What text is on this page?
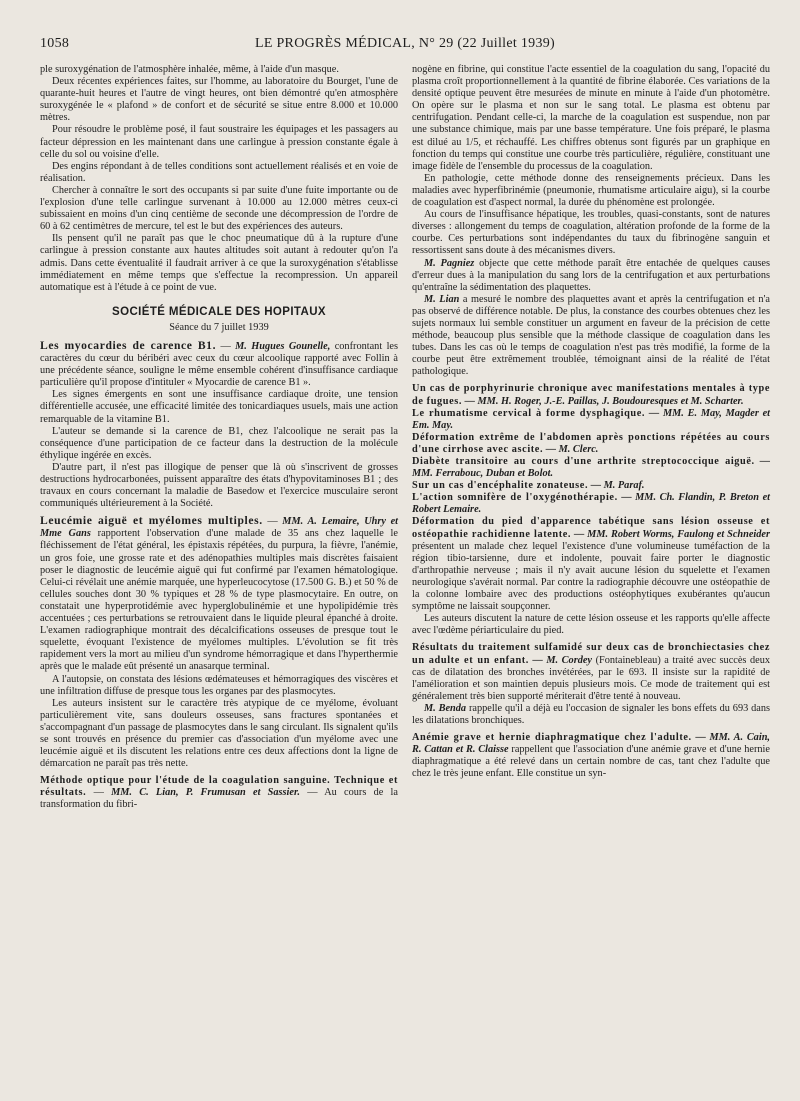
1058	LE PROGRÈS MÉDICAL, N° 29 (22 Juillet 1939)

ple suroxygénation de l'atmosphère inhalée, même, à l'aide d'un masque.

Deux récentes expériences faites, sur l'homme, au laboratoire du Bourget, l'une de quarante-huit heures et l'autre de vingt heures, ont bien démontré qu'en atmosphère suroxygénée le « plafond » de confort et de sécurité se situe entre 8.000 et 10.000 mètres.

Pour résoudre le problème posé, il faut soustraire les équipages et les passagers au facteur dépression en les maintenant dans une carlingue à pression constante égale à celle du sol ou voisine d'elle.

Des engins répondant à de telles conditions sont actuellement réalisés et en voie de réalisation.

Chercher à connaître le sort des occupants si par suite d'une fuite importante ou de l'explosion d'une telle carlingue survenant à 10.000 au 12.000 mètres ceux-ci subissaient en moins d'un cinq centième de seconde une décompression de l'ordre de 60 à 62 centimètres de mercure, tel est le but des expériences des auteurs.

Ils pensent qu'il ne paraît pas que le choc pneumatique dû à la rupture d'une carlingue à pression constante aux hautes altitudes soit autant à redouter qu'on l'a admis. Dans cette éventualité il faudrait arriver à ce que la suroxygénation s'établisse immédiatement en même temps que s'effectue la recompression. Un appareil automatique est à l'étude à ce point de vue.

SOCIÉTÉ MÉDICALE DES HOPITAUX
Séance du 7 juillet 1939

Les myocardies de carence B1. — M. Hugues Gounelle, confrontant les caractères du cœur du béribéri avec ceux du cœur alcoolique rapporté avec Follin à une précédente séance, souligne le même ensemble cohérent d'insuffisance cardiaque particulière qu'il propose d'intituler « Myocardie de carence B1 ».

Les signes émergents en sont une insuffisance cardiaque droite, une tension différentielle accusée, une efficacité limitée des tonicardiaques usuels, mais une action remarquable de la vitamine B1.

L'auteur se demande si la carence de B1, chez l'alcoolique ne serait pas la conséquence d'une participation de ce facteur dans la destruction de la molécule éthylique ingérée en excès.

D'autre part, il n'est pas illogique de penser que là où s'inscrivent de grosses destructions hydrocarbonées, puissent apparaître des états d'hypovitaminoses B1 ; des travaux en cours concernant la maladie de Basedow et l'exercice musculaire seront communiqués ultérieurement à la Société.

Leucémie aiguë et myélomes multiples. — MM. A. Lemaire, Uhry et Mme Gans rapportent l'observation d'une malade de 35 ans chez laquelle le fléchissement de l'état général, les épistaxis répétées, du purpura, la fièvre, l'anémie, un gros foie, une grosse rate et des adénopathies multiples mais discrètes faisaient poser le diagnostic de leucémie aiguë qui fut confirmé par l'examen hématologique. Celui-ci révélait une anémie marquée, une hyperleucocytose (17.500 G. B.) et 50 % de cellules souches dont 30 % typiques et 28 % de type plasmocytaire. En outre, on constatait une hyperprotidémie avec hyperglobulinémie et une hypolipidémie très accentuées ; ces perturbations se retrouvaient dans le liquide pleural épanché à droite. L'examen radiographique montrait des décalcifications osseuses de presque tout le squelette, évoquant l'existence de myélomes multiples. L'évolution se fit très rapidement vers la mort au milieu d'un syndrome hémorragique et dans l'hyperthermie après que le malade eût présenté un anasarque terminal.

A l'autopsie, on constata des lésions œdémateuses et hémorragiques des viscères et une infiltration diffuse de presque tous les organes par des plasmocytes.

Les auteurs insistent sur le caractère très atypique de ce myélome, évoluant particulièrement vite, sans douleurs osseuses, sans fractures spontanées et s'accompagnant d'un passage de plasmocytes dans le sang circulant. Ils signalent qu'ils se sont trouvés en présence du premier cas d'association d'un myélome avec une leucémie aiguë et ils discutent les relations entre ces deux affections dont la ligne de démarcation ne paraît pas très nette.

Méthode optique pour l'étude de la coagulation sanguine. Technique et résultats. — MM. C. Lian, P. Frumusan et Sassier. — Au cours de la transformation du fibri-

nogène en fibrine, qui constitue l'acte essentiel de la coagulation du sang, l'opacité du plasma croît proportionnellement à la quantité de fibrine élaborée. Ces variations de la densité optique peuvent être mesurées de minute en minute à l'aide d'un photomètre. On opère sur le plasma et non sur le sang total. Le plasma est obtenu par centrifugation. Pendant celle-ci, la marche de la coagulation est suspendue, non par une substance chimique, mais par une basse température. Une fois préparé, le plasma est dilué au 1/5, et réchauffé. Les chiffres obtenus sont figurés par un graphique en fonction du temps qui constitue une courbe très particulière, régulière, constituant une image fidèle de l'ensemble du processus de la coagulation.

En pathologie, cette méthode donne des renseignements précieux. Dans les maladies avec hyperfibrinémie (pneumonie, rhumatisme articulaire aigu), si la courbe de coagulation est d'aspect normal, la durée du phénomène est prolongée.

Au cours de l'insuffisance hépatique, les troubles, quasi-constants, sont de natures diverses : allongement du temps de coagulation, altération profonde de la forme de la courbe. Ces perturbations sont indépendantes du taux du fibrinogène sanguin et ressortissent sans doute à des mécanismes divers.

M. Pagniez objecte que cette méthode paraît être entachée de quelques causes d'erreur dues à la manipulation du sang lors de la centrifugation et aux perturbations qu'entraîne la sédimentation des plaquettes.

M. Lian a mesuré le nombre des plaquettes avant et après la centrifugation et n'a pas observé de différence notable. De plus, la constance des courbes obtenues chez les sujets normaux lui semble constituer un argument en faveur de la précision de cette méthode, beaucoup plus sensible que la méthode classique de coagulation dans les tubes. Dans les cas où le temps de coagulation n'est pas très modifié, la forme de la courbe peut être extrêmement troublée, témoignant ainsi de la réalité de l'état pathologique.

Un cas de porphyrinurie chronique avec manifestations mentales à type de fugues. — MM. H. Roger, J.-E. Paillas, J. Boudouresques et M. Scharter.

Le rhumatisme cervical à forme dysphagique. — MM. E. May, Magder et Em. May.

Déformation extrême de l'abdomen après ponctions répétées au cours d'une cirrhose avec ascite. — M. Clerc.

Diabète transitoire au cours d'une arthrite streptococcique aiguë. — MM. Ferrabouc, Duban et Bolot.

Sur un cas d'encéphalite zonateuse. — M. Paraf.

L'action somnifère de l'oxygénothérapie. — MM. Ch. Flandin, P. Breton et Robert Lemaire.

Déformation du pied d'apparence tabétique sans lésion osseuse et ostéopathie rachidienne latente. — MM. Robert Worms, Faulong et Schneider présentent un malade chez lequel l'existence d'une volumineuse tuméfaction de la région tibio-tarsienne, dure et indolente, pouvait faire porter le diagnostic d'arthropathie nerveuse ; mais il n'y avait aucune lésion du squelette et l'examen neurologique s'avérait normal. Par contre la radiographie découvre une ostéopathie de la colonne lombaire avec des productions ostéophytiques exubérantes qu'aucun symptôme ne laissait soupçonner.

Les auteurs discutent la nature de cette lésion osseuse et les rapports qu'elle affecte avec l'œdème périarticulaire du pied.

Résultats du traitement sulfamidé sur deux cas de bronchiectasies chez un adulte et un enfant. — M. Cordey (Fontainebleau) a traité avec succès deux cas de dilatation des bronches invétérées, par le 693. Il insiste sur la rapidité de l'amélioration et son maintien depuis plusieurs mois. Ce mode de traitement qui est généralement très bien supporté mériterait d'être tenté à nouveau.

M. Benda rappelle qu'il a déjà eu l'occasion de signaler les bons effets du 693 dans les dilatations bronchiques.

Anémie grave et hernie diaphragmatique chez l'adulte. — MM. A. Cain, R. Cattan et R. Claisse rappellent que l'association d'une anémie grave et d'une hernie diaphragmatique a été relevé dans un certain nombre de cas, tant chez l'adulte que chez le très jeune enfant. Elle constitue un syn-
